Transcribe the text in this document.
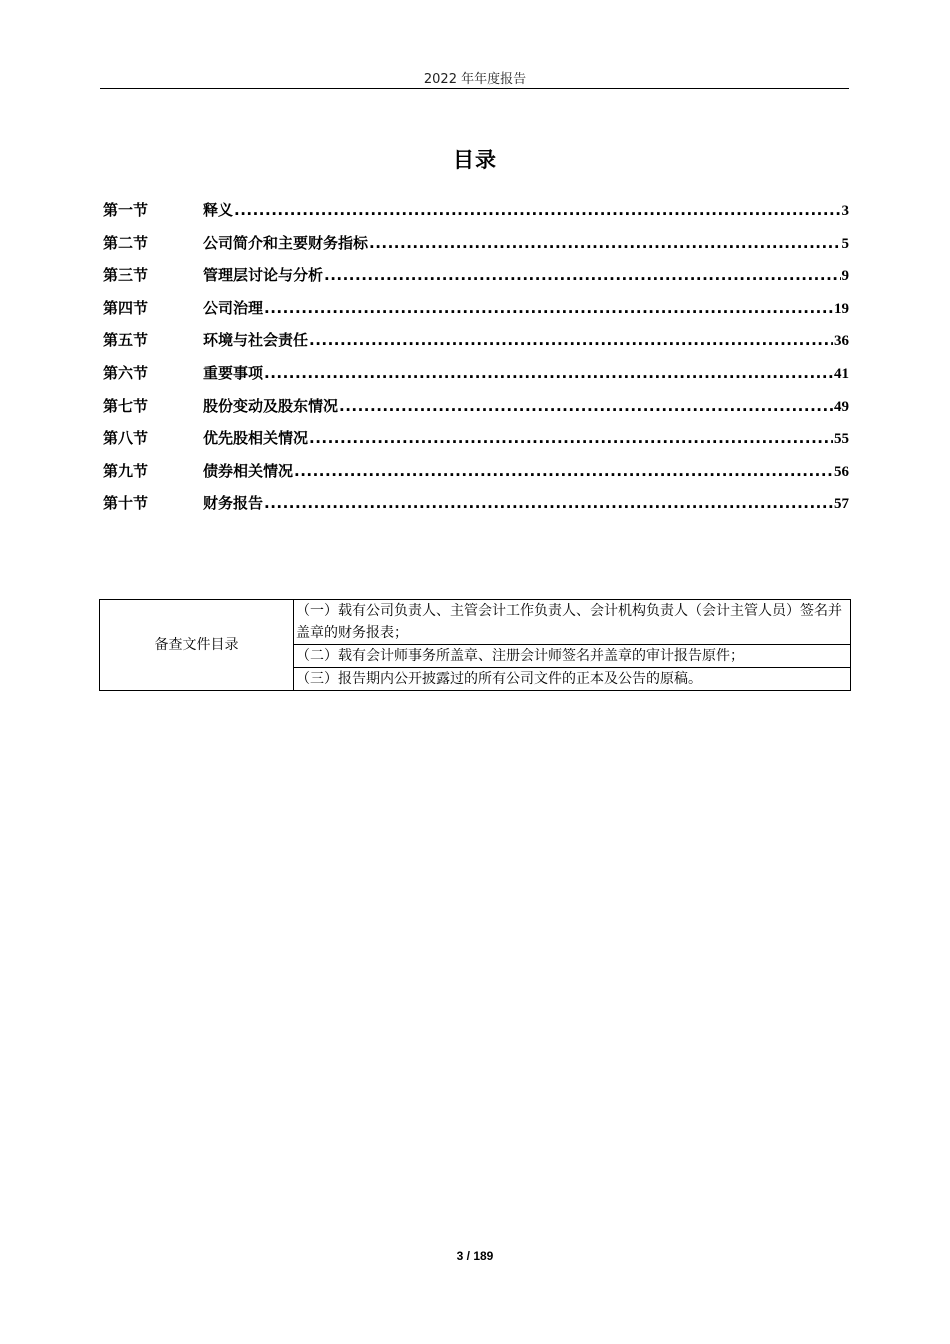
2022 年年度报告
目录
第一节	释义 .....	3
第二节	公司简介和主要财务指标 .....	5
第三节	管理层讨论与分析 .....	9
第四节	公司治理 .....	19
第五节	环境与社会责任 .....	36
第六节	重要事项 .....	41
第七节	股份变动及股东情况 .....	49
第八节	优先股相关情况 .....	55
第九节	债券相关情况 .....	56
第十节	财务报告 .....	57
备查文件目录	（一）载有公司负责人、主管会计工作负责人、会计机构负责人（会计主管人员）签名并盖章的财务报表；
（二）载有会计师事务所盖章、注册会计师签名并盖章的审计报告原件；
（三）报告期内公开披露过的所有公司文件的正本及公告的原稿。
3 / 189
